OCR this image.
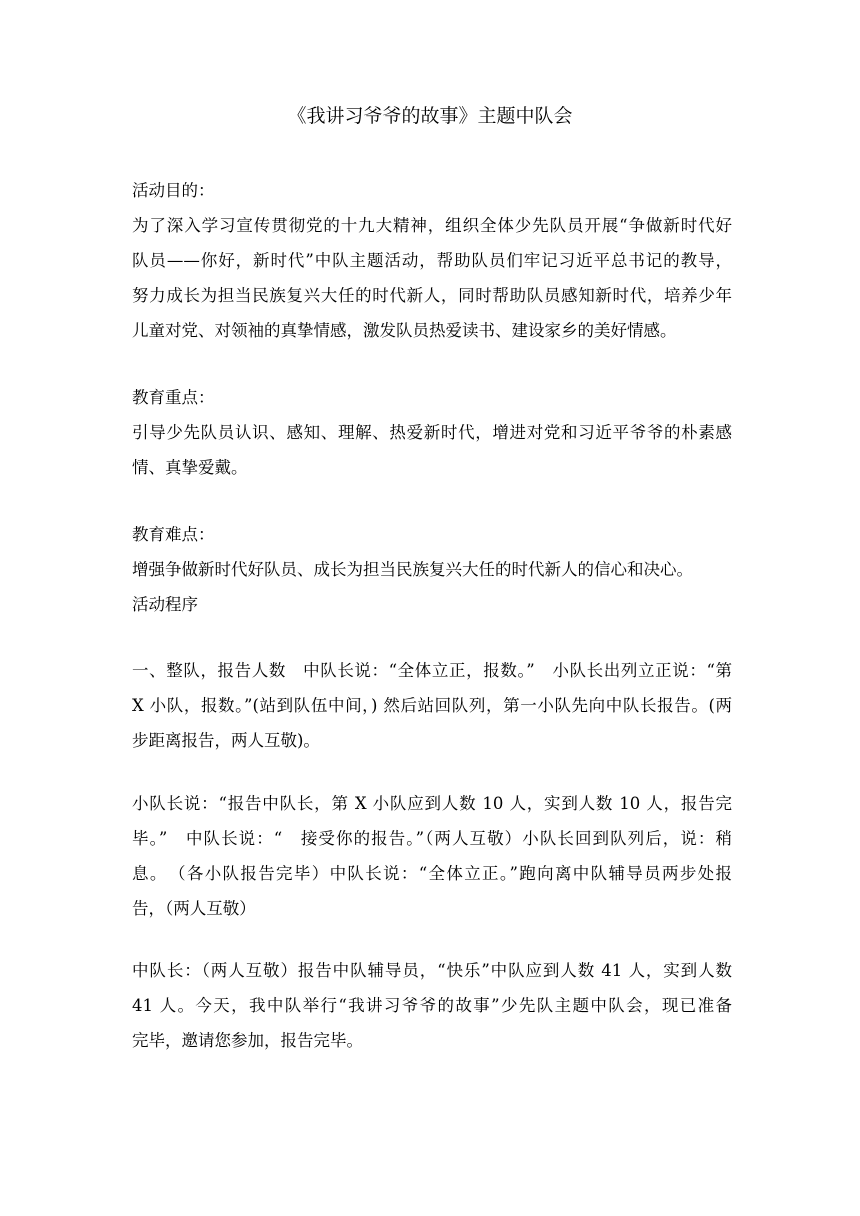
《我讲习爷爷的故事》主题中队会
活动目的：
为了深入学习宣传贯彻党的十九大精神，组织全体少先队员开展“争做新时代好
队员——你好，新时代”中队主题活动，帮助队员们牢记习近平总书记的教导，
努力成长为担当民族复兴大任的时代新人，同时帮助队员感知新时代，培养少年
儿童对党、对领袖的真挚情感，激发队员热爱读书、建设家乡的美好情感。
教育重点：
引导少先队员认识、感知、理解、热爱新时代，增进对党和习近平爷爷的朴素感
情、真挚爱戴。
教育难点：
增强争做新时代好队员、成长为担当民族复兴大任的时代新人的信心和决心。
活动程序
一、整队，报告人数　中队长说：“全体立正，报数。”　小队长出列立正说：“第
X 小队，报数。”(站到队伍中间，) 然后站回队列，第一小队先向中队长报告。(两
步距离报告，两人互敬)。
小队长说：“报告中队长，第 X 小队应到人数 10 人，实到人数 10 人，报告完
毕。”　中队长说：“　接受你的报告。”（两人互敬）小队长回到队列后，说：稍
息。　（各小队报告完毕）中队长说：“全体立正。”跑向离中队辅导员两步处报
告，（两人互敬）
中队长：（两人互敬）报告中队辅导员，“快乐”中队应到人数 41 人，实到人数
41 人。今天，我中队举行“我讲习爷爷的故事”少先队主题中队会，现已准备
完毕，邀请您参加，报告完毕。
